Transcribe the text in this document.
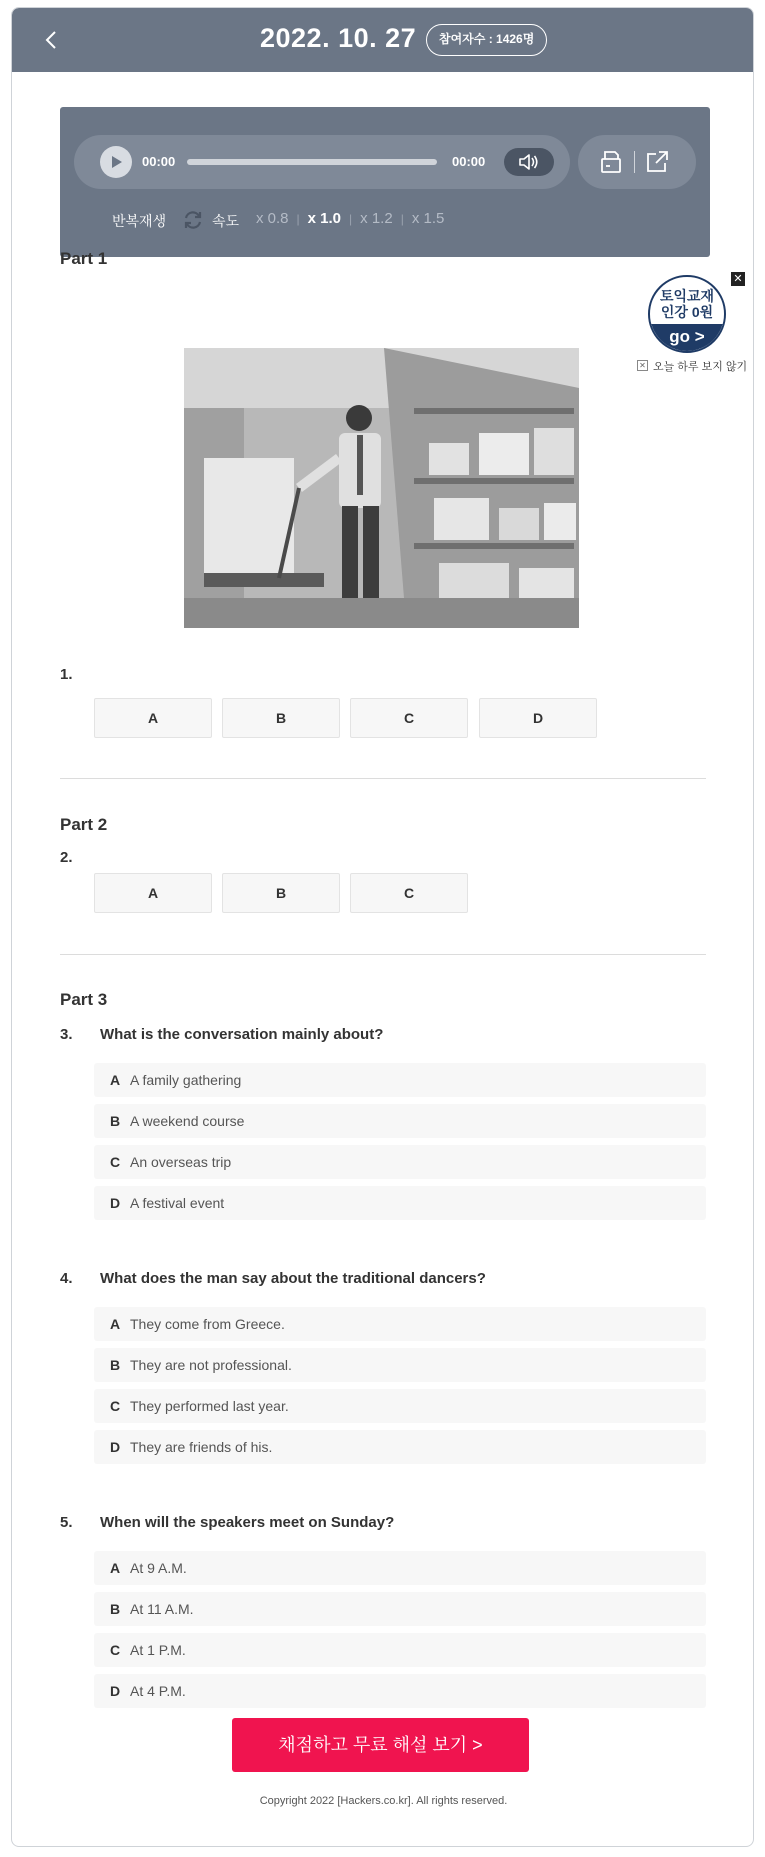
2022. 10. 27	참여자수 : 1426명
00:00	00:00
반복재생	속도 x 0.8 | x 1.0 | x 1.2 | x 1.5
Part 1
1.
A	B	C	D
Part 2
2.
A	B	C
Part 3
3. What is the conversation mainly about?
A A family gathering
B A weekend course
C An overseas trip
D A festival event
4. What does the man say about the traditional dancers?
A They come from Greece.
B They are not professional.
C They performed last year.
D They are friends of his.
5. When will the speakers meet on Sunday?
A At 9 A.M.
B At 11 A.M.
C At 1 P.M.
D At 4 P.M.
채점하고 무료 해설 보기 >
Copyright 2022 [Hackers.co.kr]. All rights reserved.
✕
토익교재
인강 0원
go >
✕ 오늘 하루 보지 않기
